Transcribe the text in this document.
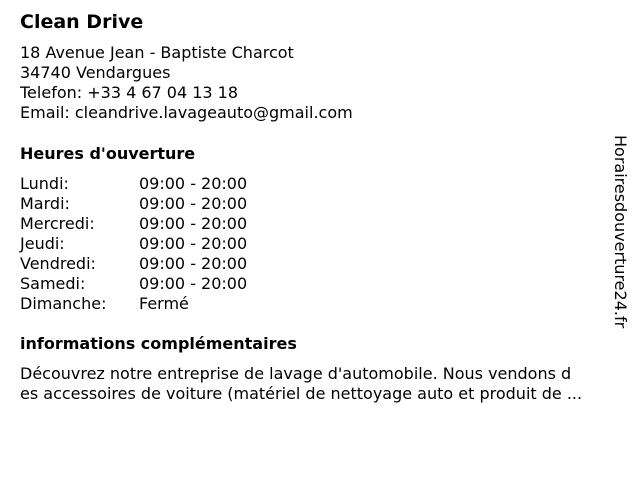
Clean Drive
18 Avenue Jean - Baptiste Charcot
34740 Vendargues
Telefon: +33 4 67 04 13 18
Email: cleandrive.lavageauto@gmail.com
Heures d'ouverture
Lundi:	09:00 - 20:00
Mardi:	09:00 - 20:00
Mercredi:	09:00 - 20:00
Jeudi:	09:00 - 20:00
Vendredi:	09:00 - 20:00
Samedi:	09:00 - 20:00
Dimanche: Fermé
informations complémentaires
Découvrez notre entreprise de lavage d'automobile. Nous vendons d
es accessoires de voiture (matériel de nettoyage auto et produit de ...
Horairesdouverture24.fr
